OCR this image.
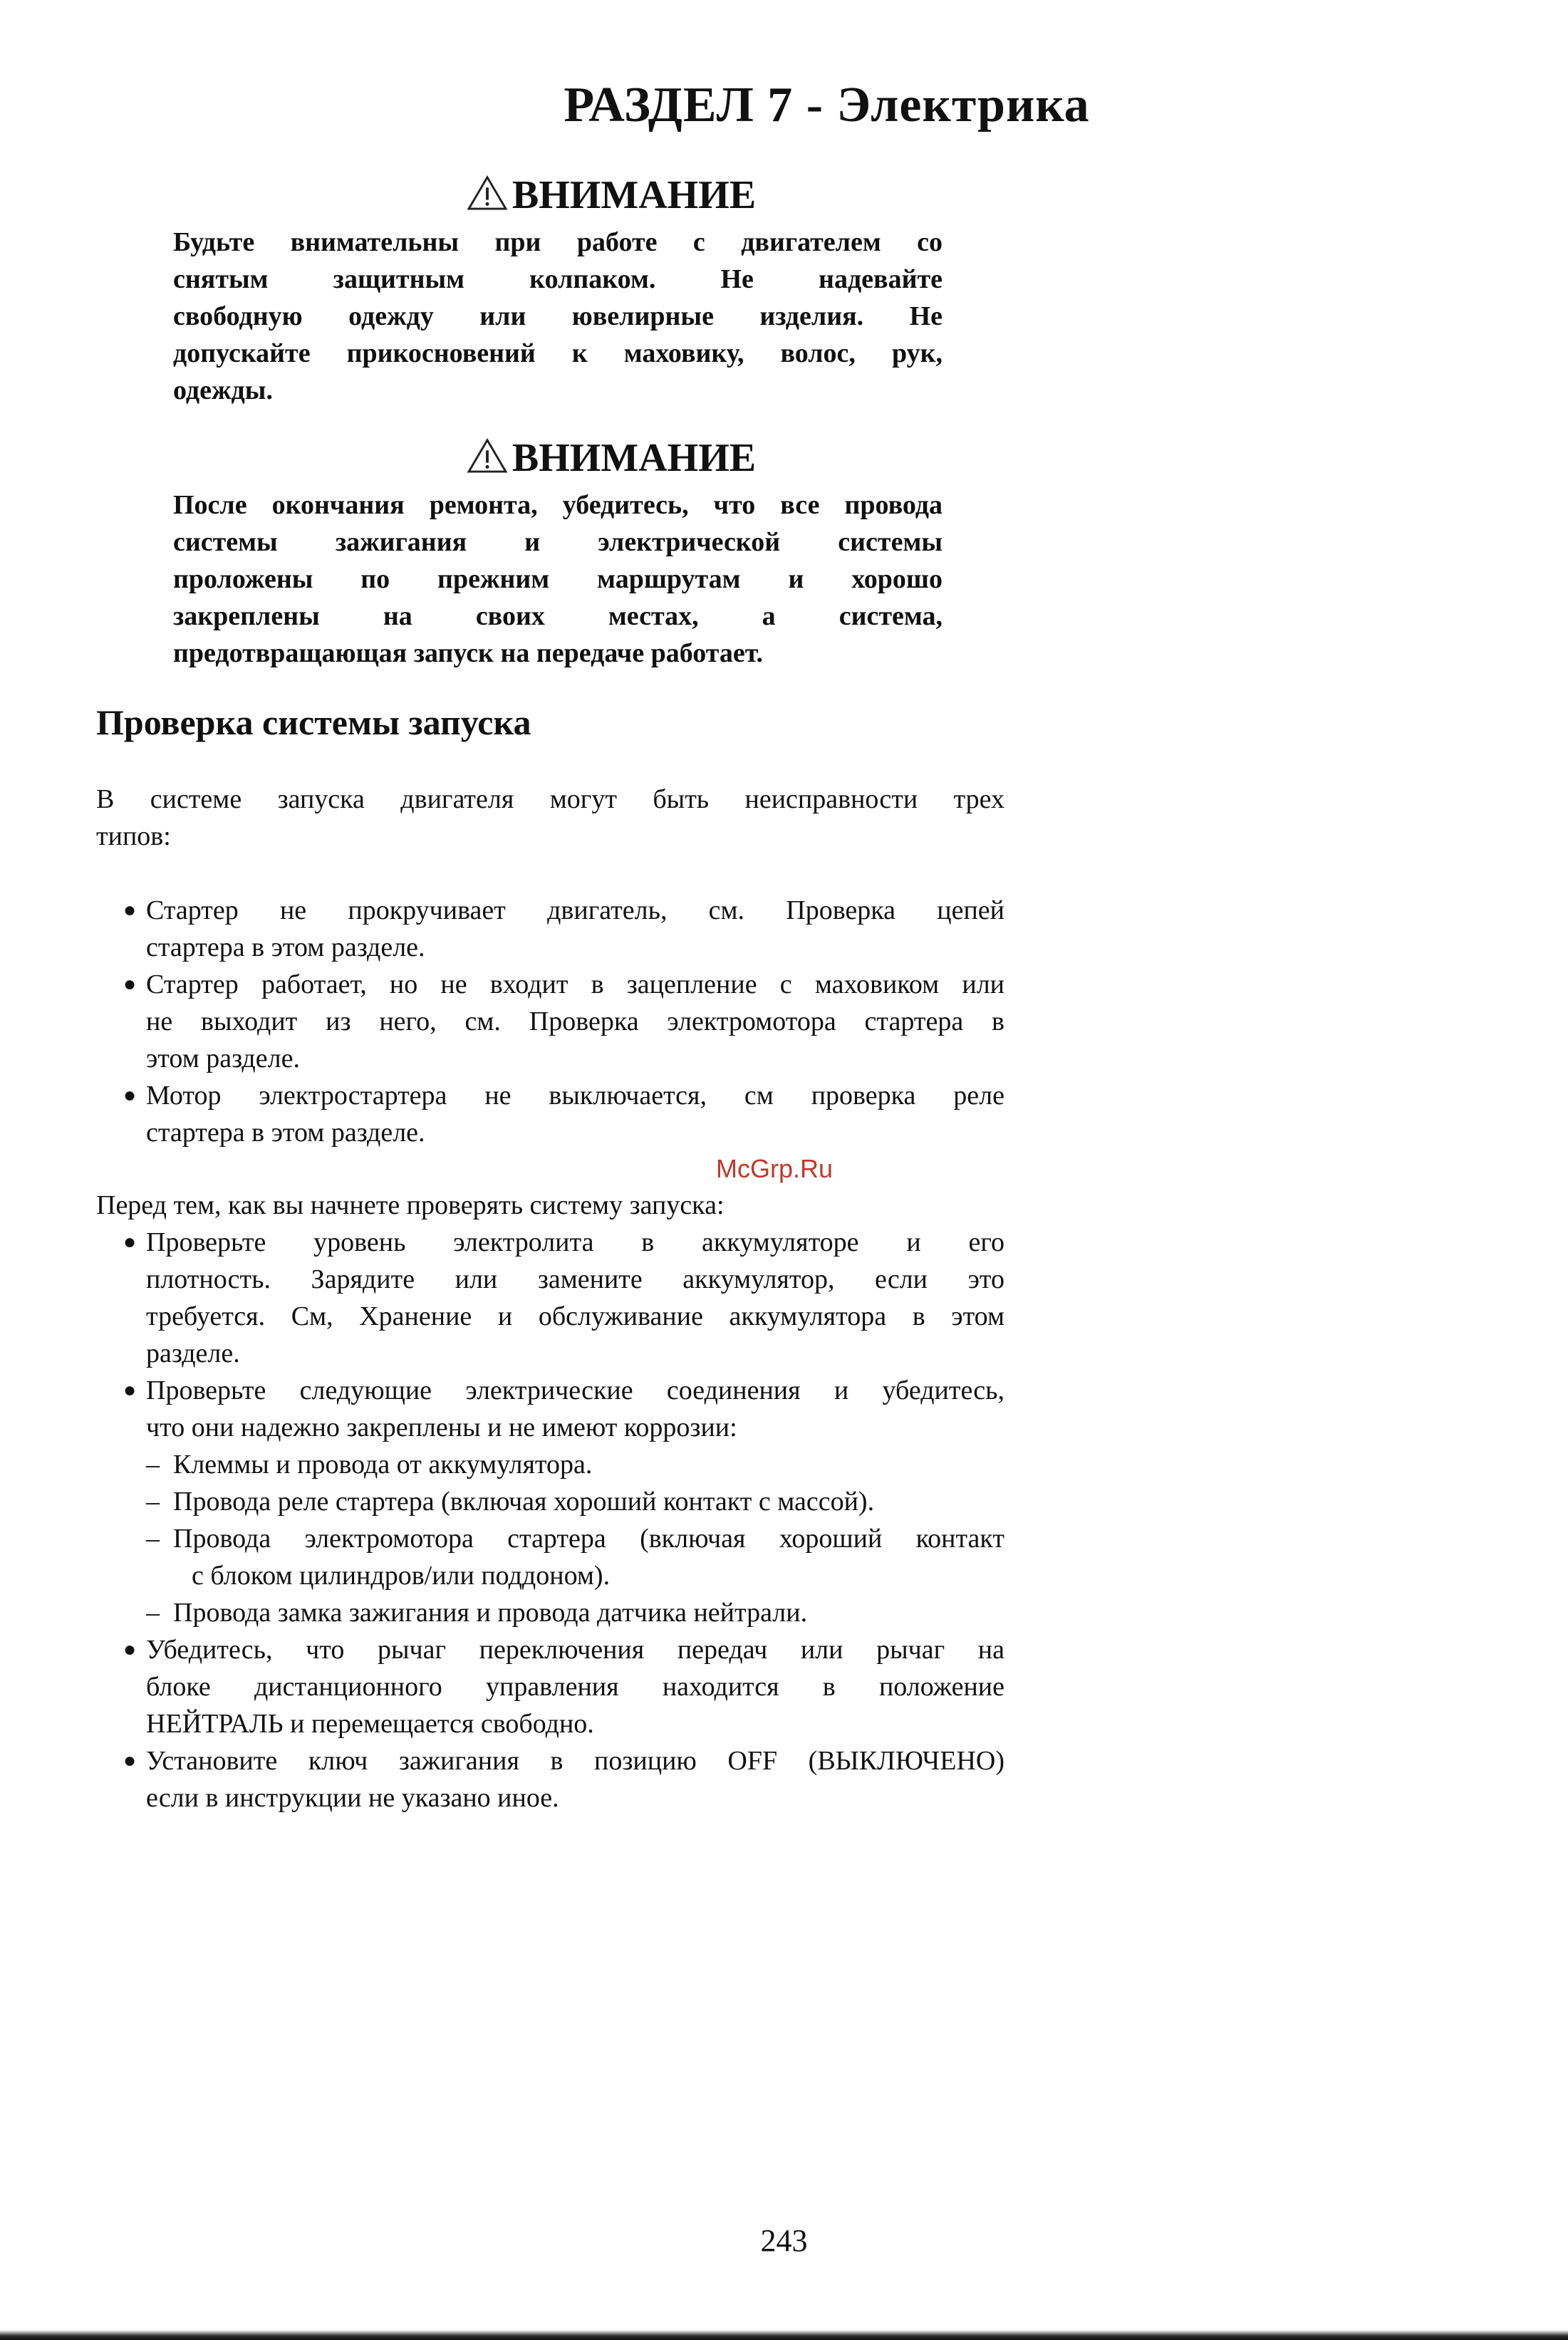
РАЗДЕЛ 7 - Электрика
ВНИМАНИЕ
Будьте внимательны при работе с двигателем со
снятым защитным колпаком. Не надевайте
свободную одежду или ювелирные изделия. Не
допускайте прикосновений к маховику, волос, рук,
одежды.
ВНИМАНИЕ
После окончания ремонта, убедитесь, что все провода
системы зажигания и электрической системы
проложены по прежним маршрутам и хорошо
закреплены на своих местах, а система,
предотвращающая запуск на передаче работает.
Проверка системы запуска
В системе запуска двигателя могут быть неисправности трех
типов:
● Стартер не прокручивает двигатель, см. Проверка цепей
стартера в этом разделе.
● Стартер работает, но не входит в зацепление с маховиком или
не выходит из него, см. Проверка электромотора стартера в
этом разделе.
● Мотор электростартера не выключается, см проверка реле
стартера в этом разделе.
McGrp.Ru
Перед тем, как вы начнете проверять систему запуска:
● Проверьте уровень электролита в аккумуляторе и его
плотность. Зарядите или замените аккумулятор, если это
требуется. См, Хранение и обслуживание аккумулятора в этом
разделе.
● Проверьте следующие электрические соединения и убедитесь,
что они надежно закреплены и не имеют коррозии:
– Клеммы и провода от аккумулятора.
– Провода реле стартера (включая хороший контакт с массой).
– Провода электромотора стартера (включая хороший контакт
с блоком цилиндров/или поддоном).
– Провода замка зажигания и провода датчика нейтрали.
● Убедитесь, что рычаг переключения передач или рычаг на
блоке дистанционного управления находится в положение
НЕЙТРАЛЬ и перемещается свободно.
● Установите ключ зажигания в позицию OFF (ВЫКЛЮЧЕНО)
если в инструкции не указано иное.
243
